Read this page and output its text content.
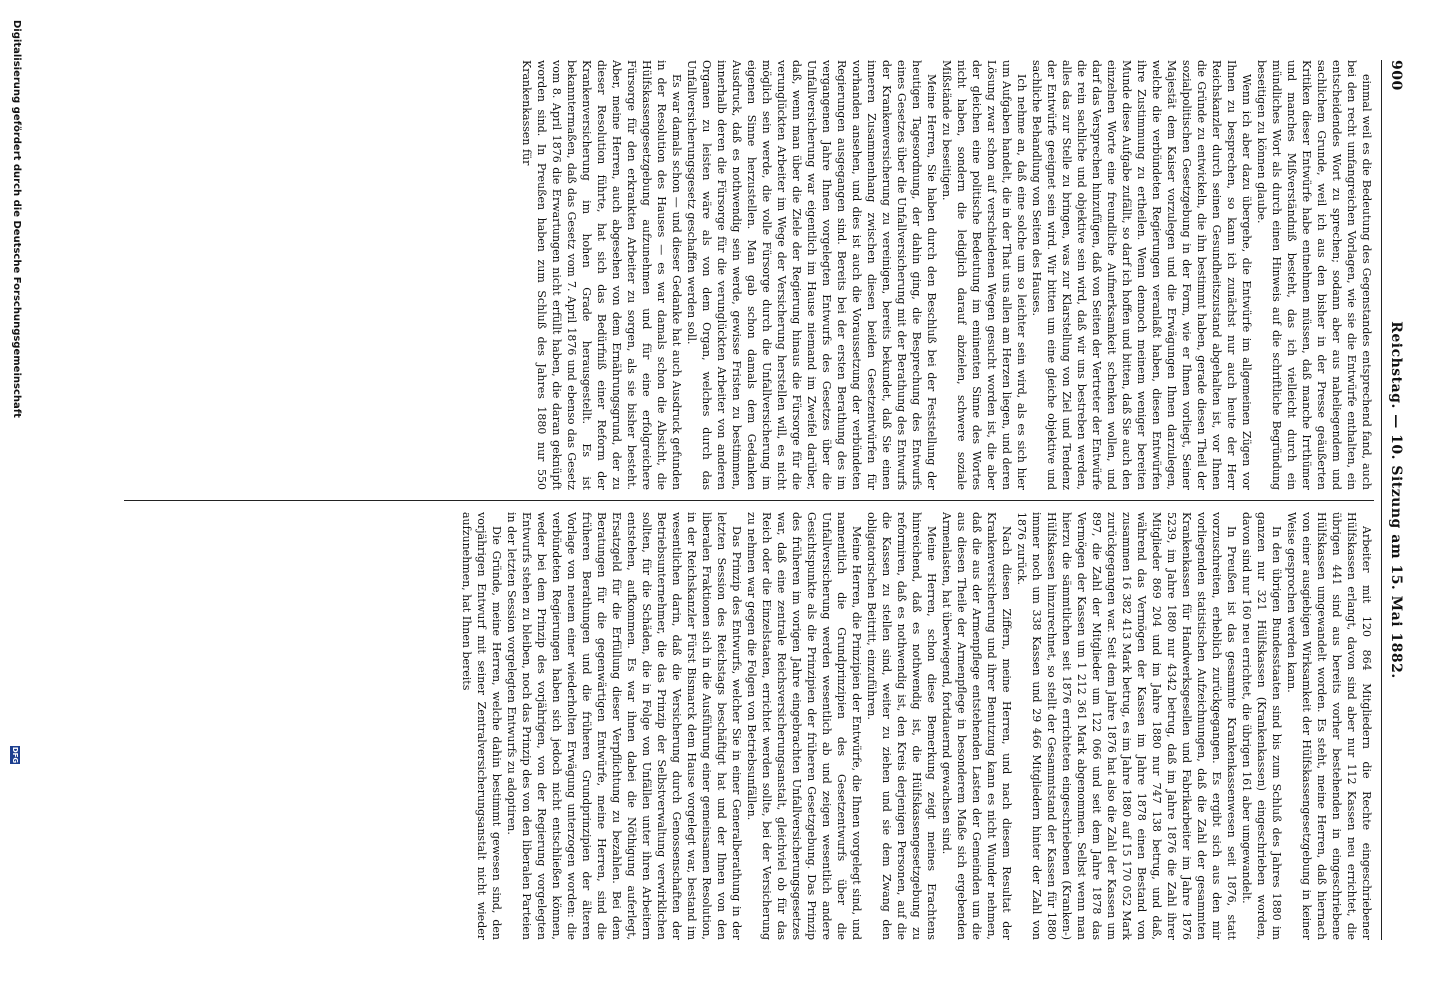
900
Reichstag. — 10. Sitzung am 15. Mai 1882.

einmal weil es die Bedeutung des Gegenstandes entsprechend fand, auch bei den recht umfangreichen Vorlagen, wie sie die Entwürfe enthalten, ein entscheidendes Wort zu sprechen; sodann aber aus naheliegendem und sachlichem Grunde, weil ich aus den bisher in der Presse geäußerten Kritiken dieser Entwürfe habe entnehmen müssen, daß manche Irrthümer und manches Mißverständniß besteht, das ich vielleicht durch ein mündliches Wort als durch einen Hinweis auf die schriftliche Begründung beseitigen zu können glaube.

Wenn ich aber dazu übergehe, die Entwürfe im allgemeinen Zügen vor Ihnen zu besprechen, so kann ich zunächst nur auch heute der Herr Reichskanzler durch seinen Gesundheitszustand abgehalten ist, vor Ihnen die Gründe zu entwickeln, die ihn bestimmt haben, gerade diesen Theil der sozialpolitischen Gesetzgebung in der Form, wie er Ihnen vorliegt, Seiner Majestät dem Kaiser vorzulegen und die Erwägungen Ihnen darzulegen, welche die verbündeten Regierungen veranlaßt haben, diesen Entwürfen ihre Zustimmung zu ertheilen. Wenn dennoch meinem weniger bereiten Munde diese Aufgabe zufällt, so darf ich hoffen und bitten, daß Sie auch den einzelnen Worte eine freundliche Aufmerksamkeit schenken wollen, und darf das Versprechen hinzufügen, daß von Seiten der Vertreter der Entwürfe die rein sachliche und objektive sein wird, daß wir uns bestreben werden, alles das zur Stelle zu bringen, was zur Klarstellung von Ziel und Tendenz der Entwürfe geeignet sein wird. Wir bitten um eine gleiche objektive und sachliche Behandlung von Seiten des Hauses.

Ich nehme an, daß eine solche um so leichter sein wird, als es sich hier um Aufgaben handelt, die in der That uns allen am Herzen liegen, und deren Lösung zwar schon auf verschiedenen Wegen gesucht worden ist, die aber der gleichen eine politische Bedeutung im eminenten Sinne des Wortes nicht haben, sondern die lediglich darauf abzielen, schwere soziale Mißstände zu beseitigen.

Meine Herren, Sie haben durch den Beschluß bei der Feststellung der heutigen Tagesordnung, der dahin ging, die Besprechung des Entwurfs eines Gesetzes über die Unfallversicherung mit der Berathung des Entwurfs der Krankenversicherung zu vereinigen, bereits bekundet, daß Sie einen inneren Zusammenhang zwischen diesen beiden Gesetzentwürfen für vorhanden ansehen, und dies ist auch die Voraussetzung der verbündeten Regierungen ausgegangen sind. Bereits bei der ersten Berathung des im vergangenen Jahre Ihnen vorgelegten Entwurfs des Gesetzes über die Unfallversicherung war eigentlich im Hause niemand im Zweifel darüber, daß, wenn man über die Ziele der Regierung hinaus die Fürsorge für die verunglückten Arbeiter im Wege der Versicherung herstellen will, es nicht möglich sein werde, die volle Fürsorge durch die Unfallversicherung im eigenen Sinne herzustellen. Man gab schon damals dem Gedanken Ausdruck, daß es nothwendig sein werde, gewisse Fristen zu bestimmen, innerhalb deren die Fürsorge für die verunglückten Arbeiter von anderen Organen zu leisten wäre als von dem Organ, welches durch das Unfallversicherungsgesetz geschaffen werden soll.

Es war damals schon — und dieser Gedanke hat auch Ausdruck gefunden in der Resolution des Hauses — es war damals schon die Absicht, die Hülfskassengesetzgebung aufzunehmen und für eine erfolgreichere Fürsorge für den erkrankten Arbeiter zu sorgen, als sie bisher besteht. Aber, meine Herren, auch abgesehen von dem Ernährungsgrund, der zu dieser Resolution führte, hat sich das Bedürfniß einer Reform der Krankenversicherung im hohen Grade herausgestellt. Es ist bekanntermaßen, daß das Gesetz vom 7. April 1876 und ebenso das Gesetz vom 8. April 1876 die Erwartungen nicht erfüllt haben, die daran geknüpft worden sind. In Preußen haben zum Schluß des Jahres 1880 nur 550 Krankenkassen für

Arbeiter mit 120 864 Mitgliedern die Rechte eingeschriebener Hülfskassen erlangt, davon sind aber nur 112 Kassen neu errichtet, die übrigen 441 sind aus bereits vorher bestehenden in eingeschriebene Hülfskassen umgewandelt worden. Es steht, meine Herren, daß hiernach von einer ausgiebigen Wirksamkeit der Hülfskassengesetzgebung in keiner Weise gesprochen werden kann.

In den übrigen Bundesstaaten sind bis zum Schluß des Jahres 1880 im ganzen nur 321 Hülfskassen (Krankenkassen) eingeschrieben worden, davon sind nur 160 neu errichtet, die übrigen 161 aber umgewandelt.

In Preußen ist das gesammte Krankenkassenwesen seit 1876, statt vorzuschreiten, erheblich zurückgegangen. Es ergibt sich aus den mir vorliegenden statistischen Aufzeichnungen, daß die Zahl der gesammten Krankenkassen für Handwerksgesellen und Fabrikarbeiter im Jahre 1876 5239, im Jahre 1880 nur 4342 betrug, daß im Jahre 1876 die Zahl ihrer Mitglieder 869 204 und im Jahre 1880 nur 747 138 betrug, und daß, während das Vermögen der Kassen im Jahre 1878 einen Bestand von zusammen 16 382 413 Mark betrug, es im Jahre 1880 auf 15 170 052 Mark zurückgegangen war. Seit dem Jahre 1876 hat also die Zahl der Kassen um 897, die Zahl der Mitglieder um 122 066 und seit dem Jahre 1878 das Vermögen der Kassen um 1 212 361 Mark abgenommen. Selbst wenn man hierzu die sämmtlichen seit 1876 errichteten eingeschriebenen (Kranken-) Hülfskassen hinzurechnet, so stellt der Gesammtstand der Kassen für 1880 immer noch um 338 Kassen und 29 466 Mitgliedern hinter der Zahl von 1876 zurück.

Nach diesen Ziffern, meine Herren, und nach diesem Resultat der Krankenversicherung und ihrer Benutzung kann es nicht Wunder nehmen, daß die aus der Armenpflege entstehenden Lasten der Gemeinden um die aus diesen Theile der Armenpflege in besonderem Maße sich ergebenden Armenlasten, hat überwiegend, fortdauernd gewachsen sind.

Meine Herren, schon diese Bemerkung zeigt meines Erachtens hinreichend, daß es nothwendig ist, die Hülfskassengesetzgebung zu reformiren, daß es nothwendig ist, den Kreis derjenigen Personen, auf die die Kassen zu stellen sind, weiter zu ziehen und sie dem Zwang den obligatorischen Beitritt, einzuführen.

Meine Herren, die Prinzipien der Entwürfe, die Ihnen vorgelegt sind, und namentlich die Grundprinzipien des Gesetzentwurfs über die Unfallversicherung werden wesentlich ab und zeigen wesentlich andere Gesichtspunkte als die Prinzipien der früheren Gesetzgebung. Das Prinzip des früheren im vorigen Jahre eingebrachten Unfallversicherungsgesetzes war, daß eine zentrale Reichsversicherungsanstalt, gleichviel ob für das Reich oder die Einzelstaaten, errichtet werden sollte, bei der Versicherung zu nehmen war gegen die Folgen von Betriebsunfällen.

Das Prinzip des Entwurfs, welcher Sie in einer Generalberathung in der letzten Session des Reichstags beschäftigt hat und der Ihnen von den liberalen Fraktionen sich in die Ausführung einer gemeinsamen Resolution, in der Reichskanzler Fürst Bismarck dem Hause vorgelegt war, bestand im wesentlichen darin, daß die Versicherung durch Genossenschaften der Betriebsunternehmer, die das Prinzip der Selbstverwaltung verwirklichen sollten, für die Schäden, die in Folge von Unfällen unter ihren Arbeitern entstehen, aufkommen. Es war ihnen dabei die Nöthigung auferlegt, Ersatzgeld für die Erfüllung dieser Verpflichtung zu bezahlen. Bei dem Beratungen für die gegenwärtigen Entwürfe, meine Herren, sind die früheren Berathungen und die früheren Grundprinzipien der älteren Vorlage von neuem einer wiederholten Erwägung unterzogen worden: die verbündeten Regierungen haben sich jedoch nicht entschließen können, weder bei dem Prinzip des vorjährigen, von der Regierung vorgelegten Entwurfs stehen zu bleiben, noch das Prinzip des von den liberalen Parteien in der letzten Session vorgelegten Entwurfs zu adoptiren.

Die Gründe, meine Herren, welche dahin bestimmt gewesen sind, den vorjährigen Entwurf mit seiner Zentralversicherungsanstalt nicht wieder aufzunehmen, hat Ihnen bereits

Digitalisierung gefördert durch die Deutsche Forschungsgemeinschaft
DFG
